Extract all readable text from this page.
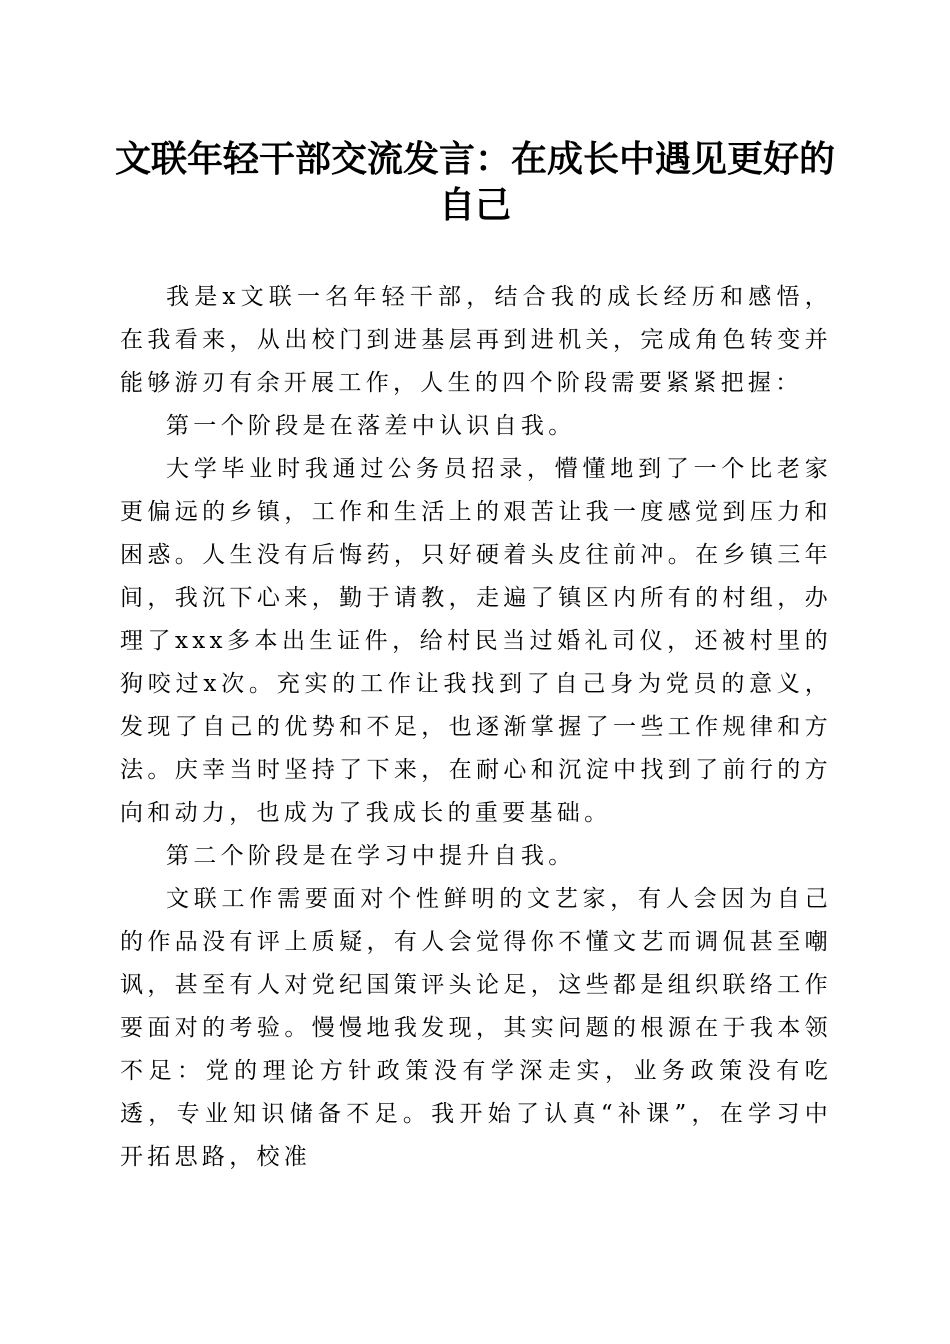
文联年轻干部交流发言：在成长中遇见更好的
自己

我是x文联一名年轻干部，结合我的成长经历和感悟，在我看来，从出校门到进基层再到进机关，完成角色转变并能够游刃有余开展工作，人生的四个阶段需要紧紧把握：

第一个阶段是在落差中认识自我。

大学毕业时我通过公务员招录，懵懂地到了一个比老家更偏远的乡镇，工作和生活上的艰苦让我一度感觉到压力和困惑。人生没有后悔药，只好硬着头皮往前冲。在乡镇三年间，我沉下心来，勤于请教，走遍了镇区内所有的村组，办理了xxx多本出生证件，给村民当过婚礼司仪，还被村里的狗咬过x次。充实的工作让我找到了自己身为党员的意义，发现了自己的优势和不足，也逐渐掌握了一些工作规律和方法。庆幸当时坚持了下来，在耐心和沉淀中找到了前行的方向和动力，也成为了我成长的重要基础。

第二个阶段是在学习中提升自我。

文联工作需要面对个性鲜明的文艺家，有人会因为自己的作品没有评上质疑，有人会觉得你不懂文艺而调侃甚至嘲讽，甚至有人对党纪国策评头论足，这些都是组织联络工作要面对的考验。慢慢地我发现，其实问题的根源在于我本领不足：党的理论方针政策没有学深走实，业务政策没有吃透，专业知识储备不足。我开始了认真“补课”，在学习中开拓思路，校准
